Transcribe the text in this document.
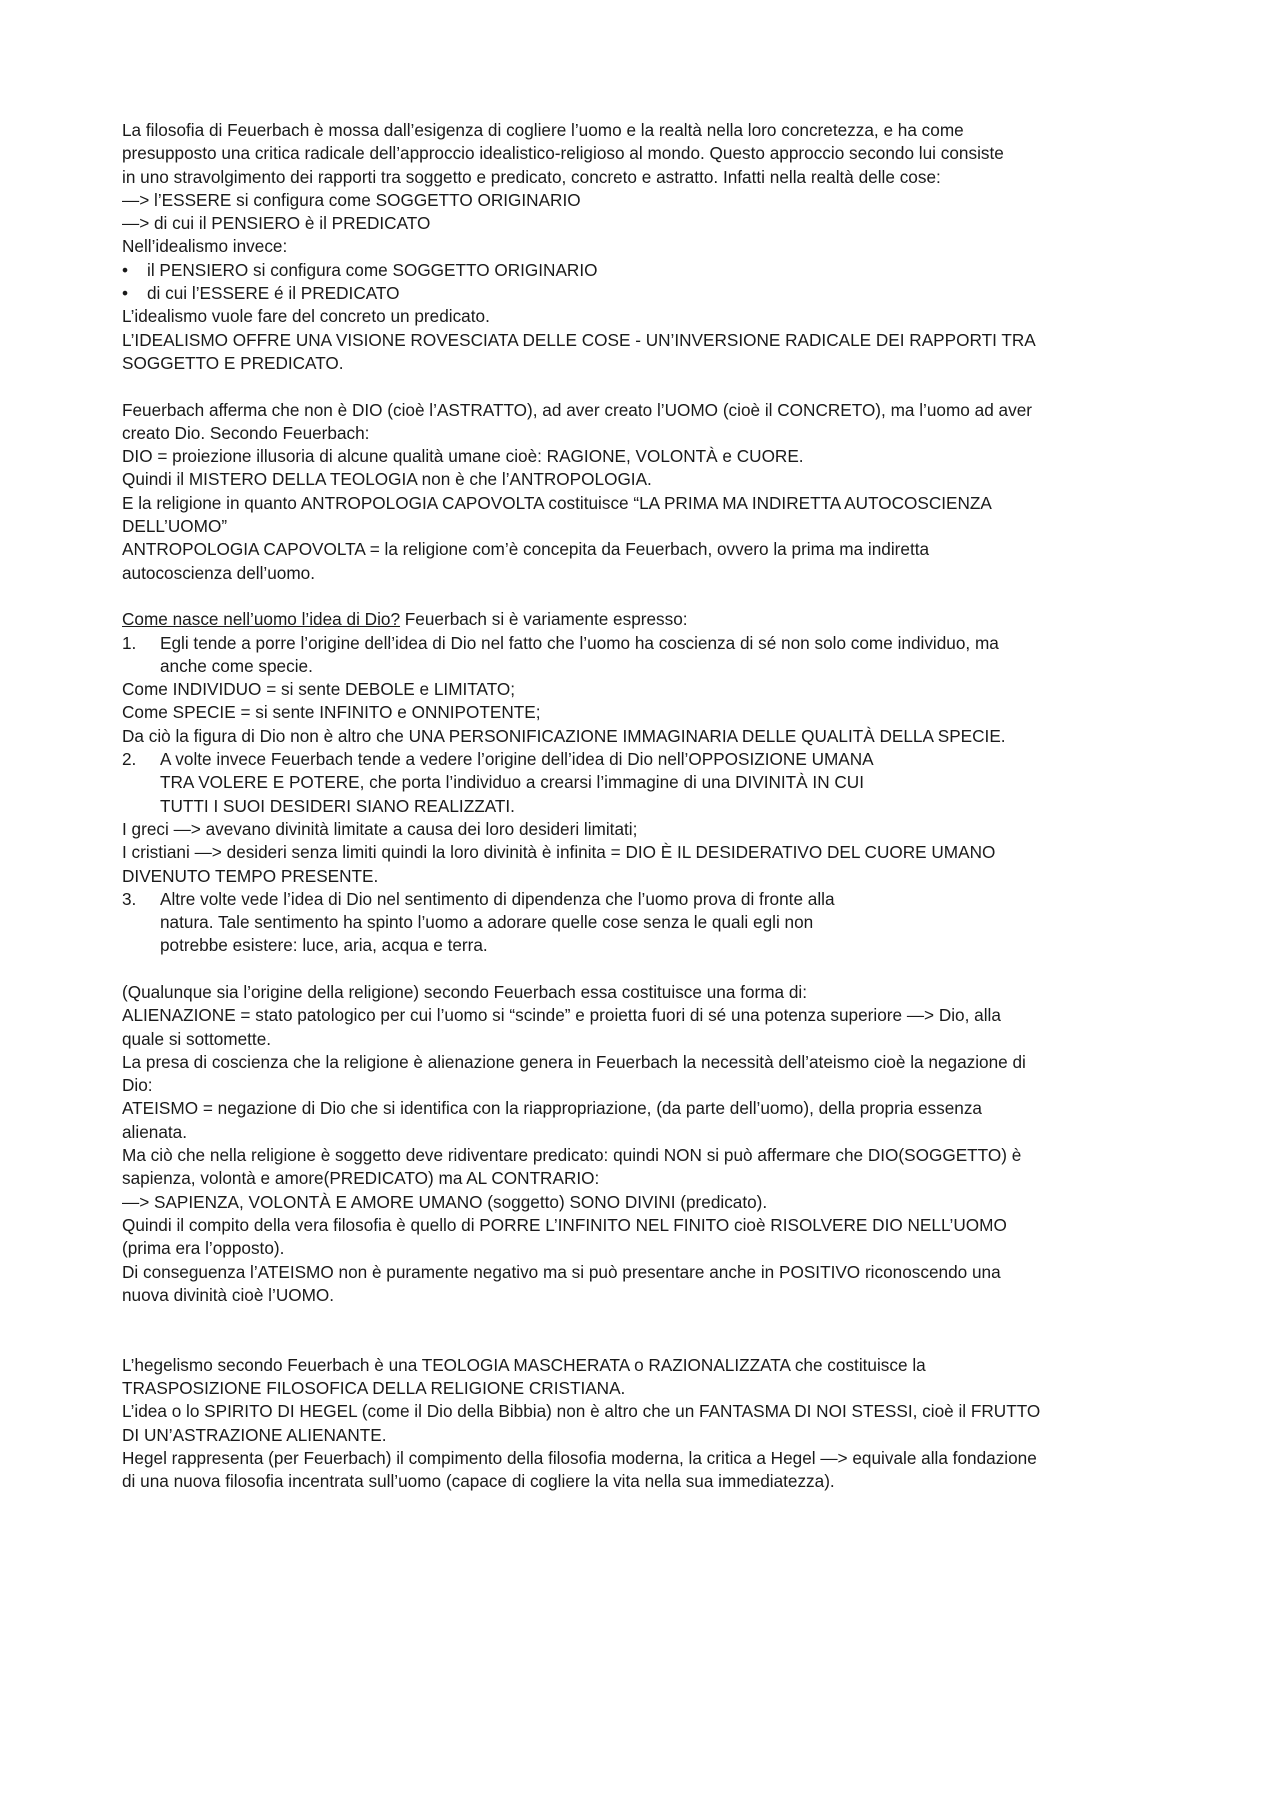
La filosofia di Feuerbach è mossa dall’esigenza di cogliere l’uomo e la realtà nella loro concretezza, e ha come
presupposto una critica radicale dell’approccio idealistico-religioso al mondo. Questo approccio secondo lui consiste
in uno stravolgimento dei rapporti tra soggetto e predicato, concreto e astratto. Infatti nella realtà delle cose:
—> l’ESSERE si configura come SOGGETTO ORIGINARIO
—> di cui il PENSIERO è il PREDICATO
Nell’idealismo invece:
• il PENSIERO si configura come SOGGETTO ORIGINARIO
• di cui l’ESSERE é il PREDICATO
L’idealismo vuole fare del concreto un predicato.
L’IDEALISMO OFFRE UNA VISIONE ROVESCIATA DELLE COSE - UN’INVERSIONE RADICALE DEI RAPPORTI TRA
SOGGETTO E PREDICATO.
Feuerbach afferma che non è DIO (cioè l’ASTRATTO), ad aver creato l’UOMO (cioè il CONCRETO), ma l’uomo ad aver
creato Dio. Secondo Feuerbach:
DIO = proiezione illusoria di alcune qualità umane cioè: RAGIONE, VOLONTÀ e CUORE.
Quindi il MISTERO DELLA TEOLOGIA non è che l’ANTROPOLOGIA.
E la religione in quanto ANTROPOLOGIA CAPOVOLTA costituisce “LA PRIMA MA INDIRETTA AUTOCOSCIENZA
DELL’UOMO”
ANTROPOLOGIA CAPOVOLTA = la religione com’è concepita da Feuerbach, ovvero la prima ma indiretta
autocoscienza dell’uomo.
Come nasce nell’uomo l’idea di Dio? Feuerbach si è variamente espresso:
1. Egli tende a porre l’origine dell’idea di Dio nel fatto che l’uomo ha coscienza di sé non solo come individuo, ma
anche come specie.
Come INDIVIDUO = si sente DEBOLE e LIMITATO;
Come SPECIE = si sente INFINITO e ONNIPOTENTE;
Da ciò la figura di Dio non è altro che UNA PERSONIFICAZIONE IMMAGINARIA DELLE QUALITÀ DELLA SPECIE.
2. A volte invece Feuerbach tende a vedere l’origine dell’idea di Dio nell’OPPOSIZIONE UMANA
TRA VOLERE E POTERE, che porta l’individuo a crearsi l’immagine di una DIVINITÀ IN CUI
TUTTI I SUOI DESIDERI SIANO REALIZZATI.
I greci —> avevano divinità limitate a causa dei loro desideri limitati;
I cristiani —> desideri senza limiti quindi la loro divinità è infinita = DIO È IL DESIDERATIVO DEL CUORE UMANO
DIVENUTO TEMPO PRESENTE.
3. Altre volte vede l’idea di Dio nel sentimento di dipendenza che l’uomo prova di fronte alla
natura. Tale sentimento ha spinto l’uomo a adorare quelle cose senza le quali egli non
potrebbe esistere: luce, aria, acqua e terra.
(Qualunque sia l’origine della religione) secondo Feuerbach essa costituisce una forma di:
ALIENAZIONE = stato patologico per cui l’uomo si “scinde” e proietta fuori di sé una potenza superiore —> Dio, alla
quale si sottomette.
La presa di coscienza che la religione è alienazione genera in Feuerbach la necessità dell’ateismo cioè la negazione di
Dio:
ATEISMO = negazione di Dio che si identifica con la riappropriazione, (da parte dell’uomo), della propria essenza
alienata.
Ma ciò che nella religione è soggetto deve ridiventare predicato: quindi NON si può affermare che DIO(SOGGETTO) è
sapienza, volontà e amore(PREDICATO) ma AL CONTRARIO:
—> SAPIENZA, VOLONTÀ E AMORE UMANO (soggetto) SONO DIVINI (predicato).
Quindi il compito della vera filosofia è quello di PORRE L’INFINITO NEL FINITO cioè RISOLVERE DIO NELL’UOMO
(prima era l’opposto).
Di conseguenza l’ATEISMO non è puramente negativo ma si può presentare anche in POSITIVO riconoscendo una
nuova divinità cioè l’UOMO.
L’hegelismo secondo Feuerbach è una TEOLOGIA MASCHERATA o RAZIONALIZZATA che costituisce la
TRASPOSIZIONE FILOSOFICA DELLA RELIGIONE CRISTIANA.
L’idea o lo SPIRITO DI HEGEL (come il Dio della Bibbia) non è altro che un FANTASMA DI NOI STESSI, cioè il FRUTTO
DI UN’ASTRAZIONE ALIENANTE.
Hegel rappresenta (per Feuerbach) il compimento della filosofia moderna, la critica a Hegel —> equivale alla fondazione
di una nuova filosofia incentrata sull’uomo (capace di cogliere la vita nella sua immediatezza).
